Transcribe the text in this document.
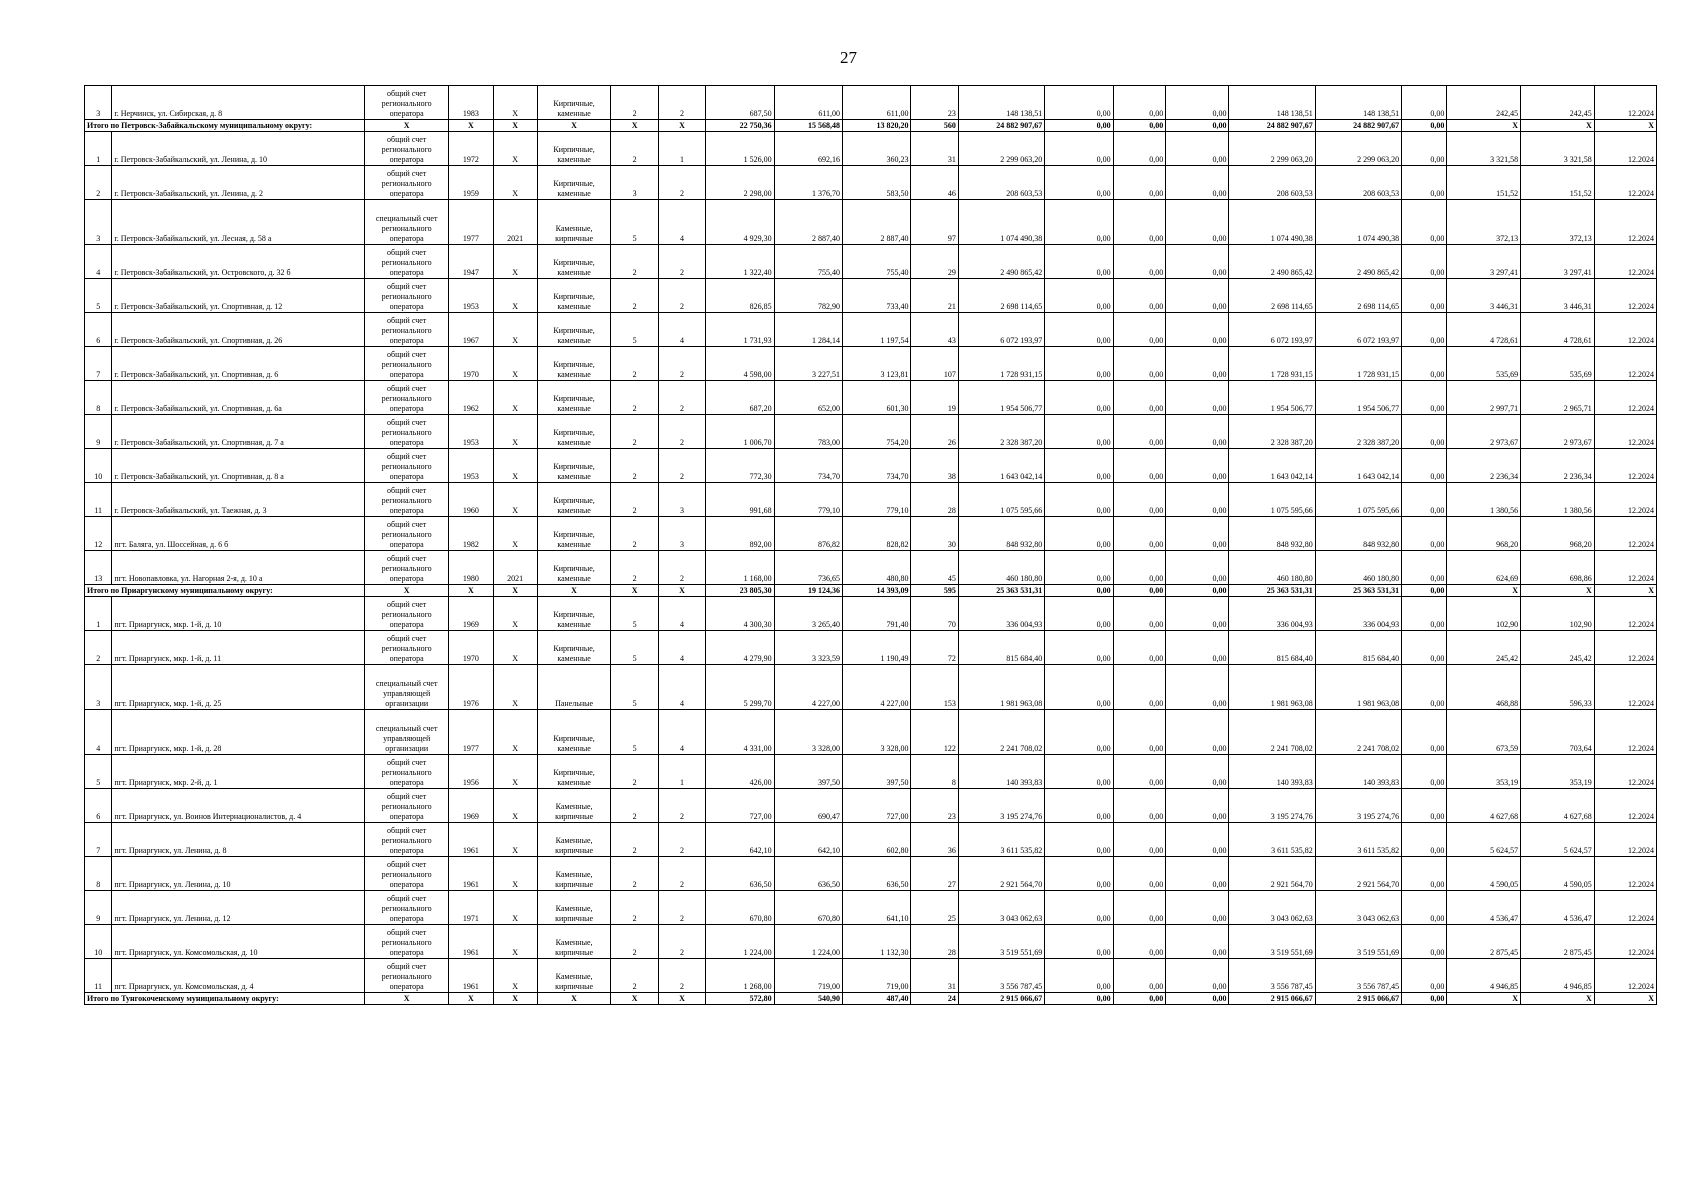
27
3	г. Нерчинск, ул. Сибирская, д. 8	общий счет регионального оператора	1983	X	Кирпичные, каменные	2	2	687,50	611,00	611,00	23	148 138,51	0,00	0,00	0,00	148 138,51	148 138,51	0,00	242,45	242,45	12.2024
Итого по Петровск-Забайкальскому муниципальному округу:		X	X	X	X	X	X	22 750,36	15 568,48	13 820,20	560	24 882 907,67	0,00	0,00	0,00	24 882 907,67	24 882 907,67	0,00	X	X	X
1	г. Петровск-Забайкальский, ул. Ленина, д. 10	общий счет регионального оператора	1972	X	Кирпичные, каменные	2	1	1 526,00	692,16	360,23	31	2 299 063,20	0,00	0,00	0,00	2 299 063,20	2 299 063,20	0,00	3 321,58	3 321,58	12.2024
2	г. Петровск-Забайкальский, ул. Ленина, д. 2	общий счет регионального оператора	1959	X	Кирпичные, каменные	3	2	2 298,00	1 376,70	583,50	46	208 603,53	0,00	0,00	0,00	208 603,53	208 603,53	0,00	151,52	151,52	12.2024
3	г. Петровск-Забайкальский, ул. Лесная, д. 58 а	специальный счет регионального оператора	1977	2021	Каменные, кирпичные	5	4	4 929,30	2 887,40	2 887,40	97	1 074 490,38	0,00	0,00	0,00	1 074 490,38	1 074 490,38	0,00	372,13	372,13	12.2024
4	г. Петровск-Забайкальский, ул. Островского, д. 32 б	общий счет регионального оператора	1947	X	Кирпичные, каменные	2	2	1 322,40	755,40	755,40	29	2 490 865,42	0,00	0,00	0,00	2 490 865,42	2 490 865,42	0,00	3 297,41	3 297,41	12.2024
5	г. Петровск-Забайкальский, ул. Спортивная, д. 12	общий счет регионального оператора	1953	X	Кирпичные, каменные	2	2	826,85	782,90	733,40	21	2 698 114,65	0,00	0,00	0,00	2 698 114,65	2 698 114,65	0,00	3 446,31	3 446,31	12.2024
6	г. Петровск-Забайкальский, ул. Спортивная, д. 26	общий счет регионального оператора	1967	X	Кирпичные, каменные	5	4	1 731,93	1 284,14	1 197,54	43	6 072 193,97	0,00	0,00	0,00	6 072 193,97	6 072 193,97	0,00	4 728,61	4 728,61	12.2024
7	г. Петровск-Забайкальский, ул. Спортивная, д. 6	общий счет регионального оператора	1970	X	Кирпичные, каменные	2	2	4 598,00	3 227,51	3 123,81	107	1 728 931,15	0,00	0,00	0,00	1 728 931,15	1 728 931,15	0,00	535,69	535,69	12.2024
8	г. Петровск-Забайкальский, ул. Спортивная, д. 6а	общий счет регионального оператора	1962	X	Кирпичные, каменные	2	2	687,20	652,00	601,30	19	1 954 506,77	0,00	0,00	0,00	1 954 506,77	1 954 506,77	0,00	2 997,71	2 965,71	12.2024
9	г. Петровск-Забайкальский, ул. Спортивная, д. 7 а	общий счет регионального оператора	1953	X	Кирпичные, каменные	2	2	1 006,70	783,00	754,20	26	2 328 387,20	0,00	0,00	0,00	2 328 387,20	2 328 387,20	0,00	2 973,67	2 973,67	12.2024
10	г. Петровск-Забайкальский, ул. Спортивная, д. 8 а	общий счет регионального оператора	1953	X	Кирпичные, каменные	2	2	772,30	734,70	734,70	38	1 643 042,14	0,00	0,00	0,00	1 643 042,14	1 643 042,14	0,00	2 236,34	2 236,34	12.2024
11	г. Петровск-Забайкальский, ул. Таежная, д. 3	общий счет регионального оператора	1960	X	Кирпичные, каменные	2	3	991,68	779,10	779,10	28	1 075 595,66	0,00	0,00	0,00	1 075 595,66	1 075 595,66	0,00	1 380,56	1 380,56	12.2024
12	пгт. Балягa, ул. Шоссейная, д. 6 б	общий счет регионального оператора	1982	X	Кирпичные, каменные	2	3	892,00	876,82	828,82	30	848 932,80	0,00	0,00	0,00	848 932,80	848 932,80	0,00	968,20	968,20	12.2024
13	пгт. Новопавловка, ул. Нагорная 2-я, д. 10 а	общий счет регионального оператора	1980	2021	Кирпичные, каменные	2	2	1 168,00	736,65	480,80	45	460 180,80	0,00	0,00	0,00	460 180,80	460 180,80	0,00	624,69	698,86	12.2024
Итого по Приаргунскому муниципальному округу:		X	X	X	X	X	X	23 805,30	19 124,36	14 393,09	595	25 363 531,31	0,00	0,00	0,00	25 363 531,31	25 363 531,31	0,00	X	X	X
1	пгт. Приаргунск, мкр. 1-й, д. 10	общий счет регионального оператора	1969	X	Кирпичные, каменные	5	4	4 300,30	3 265,40	791,40	70	336 004,93	0,00	0,00	0,00	336 004,93	336 004,93	0,00	102,90	102,90	12.2024
2	пгт. Приаргунск, мкр. 1-й, д. 11	общий счет регионального оператора	1970	X	Кирпичные, каменные	5	4	4 279,90	3 323,59	1 190,49	72	815 684,40	0,00	0,00	0,00	815 684,40	815 684,40	0,00	245,42	245,42	12.2024
3	пгт. Приаргунск, мкр. 1-й, д. 25	специальный счет управляющей организации	1976	X	Панельные	5	4	5 299,70	4 227,00	4 227,00	153	1 981 963,08	0,00	0,00	0,00	1 981 963,08	1 981 963,08	0,00	468,88	596,33	12.2024
4	пгт. Приаргунск, мкр. 1-й, д. 28	специальный счет управляющей организации	1977	X	Кирпичные, каменные	5	4	4 331,00	3 328,00	3 328,00	122	2 241 708,02	0,00	0,00	0,00	2 241 708,02	2 241 708,02	0,00	673,59	703,64	12.2024
5	пгт. Приаргунск, мкр. 2-й, д. 1	общий счет регионального оператора	1956	X	Кирпичные, каменные	2	1	426,00	397,50	397,50	8	140 393,83	0,00	0,00	0,00	140 393,83	140 393,83	0,00	353,19	353,19	12.2024
6	пгт. Приаргунск, ул. Воинов Интернационалистов, д. 4	общий счет регионального оператора	1969	X	Каменные, кирпичные	2	2	727,00	690,47	727,00	23	3 195 274,76	0,00	0,00	0,00	3 195 274,76	3 195 274,76	0,00	4 627,68	4 627,68	12.2024
7	пгт. Приаргунск, ул. Ленина, д. 8	общий счет регионального оператора	1961	X	Каменные, кирпичные	2	2	642,10	642,10	602,80	36	3 611 535,82	0,00	0,00	0,00	3 611 535,82	3 611 535,82	0,00	5 624,57	5 624,57	12.2024
8	пгт. Приаргунск, ул. Ленина, д. 10	общий счет регионального оператора	1961	X	Каменные, кирпичные	2	2	636,50	636,50	636,50	27	2 921 564,70	0,00	0,00	0,00	2 921 564,70	2 921 564,70	0,00	4 590,05	4 590,05	12.2024
9	пгт. Приаргунск, ул. Ленина, д. 12	общий счет регионального оператора	1971	X	Каменные, кирпичные	2	2	670,80	670,80	641,10	25	3 043 062,63	0,00	0,00	0,00	3 043 062,63	3 043 062,63	0,00	4 536,47	4 536,47	12.2024
10	пгт. Приаргунск, ул. Комсомольская, д. 10	общий счет регионального оператора	1961	X	Каменные, кирпичные	2	2	1 224,00	1 224,00	1 132,30	28	3 519 551,69	0,00	0,00	0,00	3 519 551,69	3 519 551,69	0,00	2 875,45	2 875,45	12.2024
11	пгт. Приаргунск, ул. Комсомольская, д. 4	общий счет регионального оператора	1961	X	Каменные, кирпичные	2	2	1 268,00	719,00	719,00	31	3 556 787,45	0,00	0,00	0,00	3 556 787,45	3 556 787,45	0,00	4 946,85	4 946,85	12.2024
Итого по Тунгокоченскому муниципальному округу:		X	X	X	X	X	X	572,80	540,90	487,40	24	2 915 066,67	0,00	0,00	0,00	2 915 066,67	2 915 066,67	0,00	X	X	X
